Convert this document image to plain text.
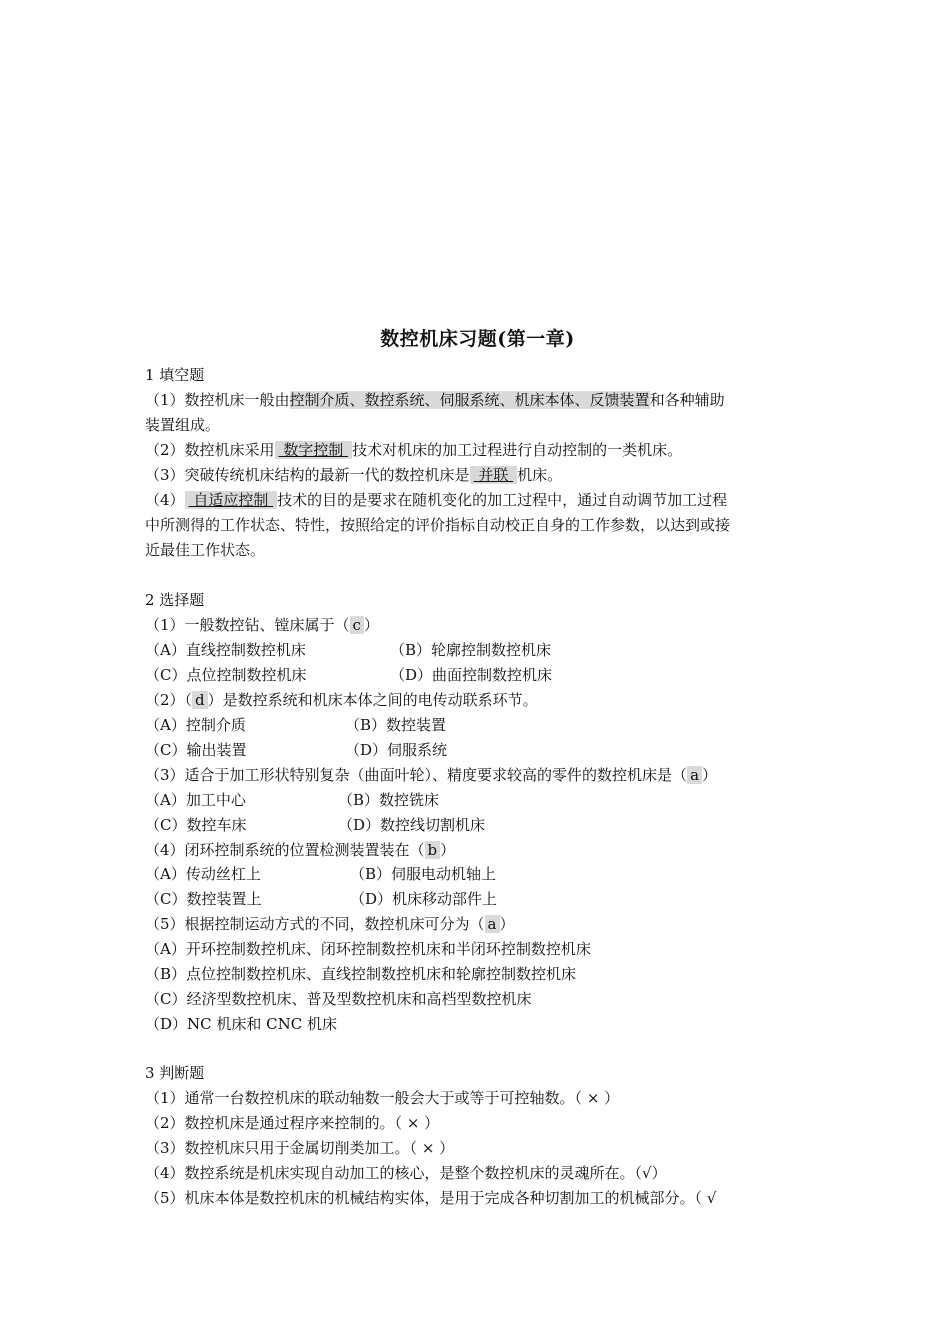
数控机床习题(第一章)
1 填空题
（1）数控机床一般由控制介质、数控系统、伺服系统、机床本体、反馈装置和各种辅助
装置组成。
（2）数控机床采用 数字控制 技术对机床的加工过程进行自动控制的一类机床。
（3）突破传统机床结构的最新一代的数控机床是 并联 机床。
（4） 自适应控制 技术的目的是要求在随机变化的加工过程中，通过自动调节加工过程
中所测得的工作状态、特性，按照给定的评价指标自动校正自身的工作参数，以达到或接
近最佳工作状态。
2 选择题
（1）一般数控钻、镗床属于（ c ）
（A）直线控制数控机床	（B）轮廓控制数控机床
（C）点位控制数控机床	（D）曲面控制数控机床
（2）（ d ）是数控系统和机床本体之间的电传动联系环节。
（A）控制介质	（B）数控装置
（C）输出装置	（D）伺服系统
（3）适合于加工形状特别复杂（曲面叶轮）、精度要求较高的零件的数控机床是（ a ）
（A）加工中心	（B）数控铣床
（C）数控车床	（D）数控线切割机床
（4）闭环控制系统的位置检测装置装在（ b ）
（A）传动丝杠上	（B）伺服电动机轴上
（C）数控装置上	（D）机床移动部件上
（5）根据控制运动方式的不同，数控机床可分为（ a ）
（A）开环控制数控机床、闭环控制数控机床和半闭环控制数控机床
（B）点位控制数控机床、直线控制数控机床和轮廓控制数控机床
（C）经济型数控机床、普及型数控机床和高档型数控机床
（D）NC 机床和 CNC 机床
3 判断题
（1）通常一台数控机床的联动轴数一般会大于或等于可控轴数。（ × ）
（2）数控机床是通过程序来控制的。（ × ）
（3）数控机床只用于金属切削类加工。（ × ）
（4）数控系统是机床实现自动加工的核心，是整个数控机床的灵魂所在。（√）
（5）机床本体是数控机床的机械结构实体，是用于完成各种切割加工的机械部分。（ √
